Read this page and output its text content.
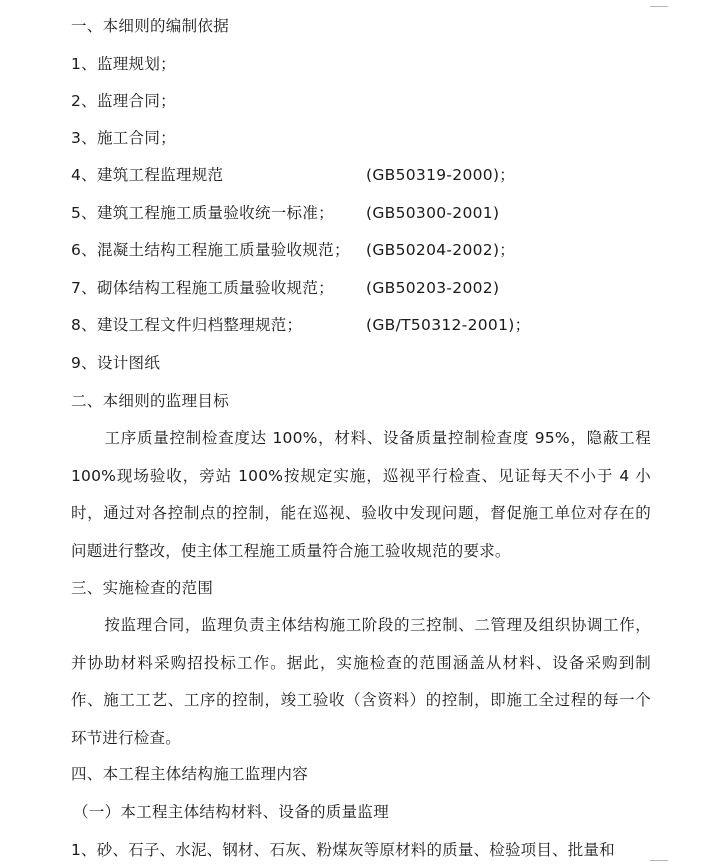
一、本细则的编制依据
1、监理规划；
2、监理合同；
3、施工合同；
4、建筑工程监理规范	(GB50319-2000)；
5、建筑工程施工质量验收统一标准； (GB50300-2001)
6、混凝土结构工程施工质量验收规范； (GB50204-2002)；
7、砌体结构工程施工质量验收规范； (GB50203-2002)
8、建设工程文件归档整理规范；	(GB/T50312-2001)；
9、设计图纸
二、本细则的监理目标
工序质量控制检查度达 100%，材料、设备质量控制检查度 95%，隐蔽工程 100%现场验收，旁站 100%按规定实施，巡视平行检查、见证每天不小于 4 小时，通过对各控制点的控制，能在巡视、验收中发现问题，督促施工单位对存在的问题进行整改，使主体工程施工质量符合施工验收规范的要求。
三、实施检查的范围
按监理合同，监理负责主体结构施工阶段的三控制、二管理及组织协调工作，并协助材料采购招投标工作。据此，实施检查的范围涵盖从材料、设备采购到制作、施工工艺、工序的控制，竣工验收（含资料）的控制，即施工全过程的每一个环节进行检查。
四、本工程主体结构施工监理内容
（一）本工程主体结构材料、设备的质量监理
1、砂、石子、水泥、钢材、石灰、粉煤灰等原材料的质量、检验项目、批量和
